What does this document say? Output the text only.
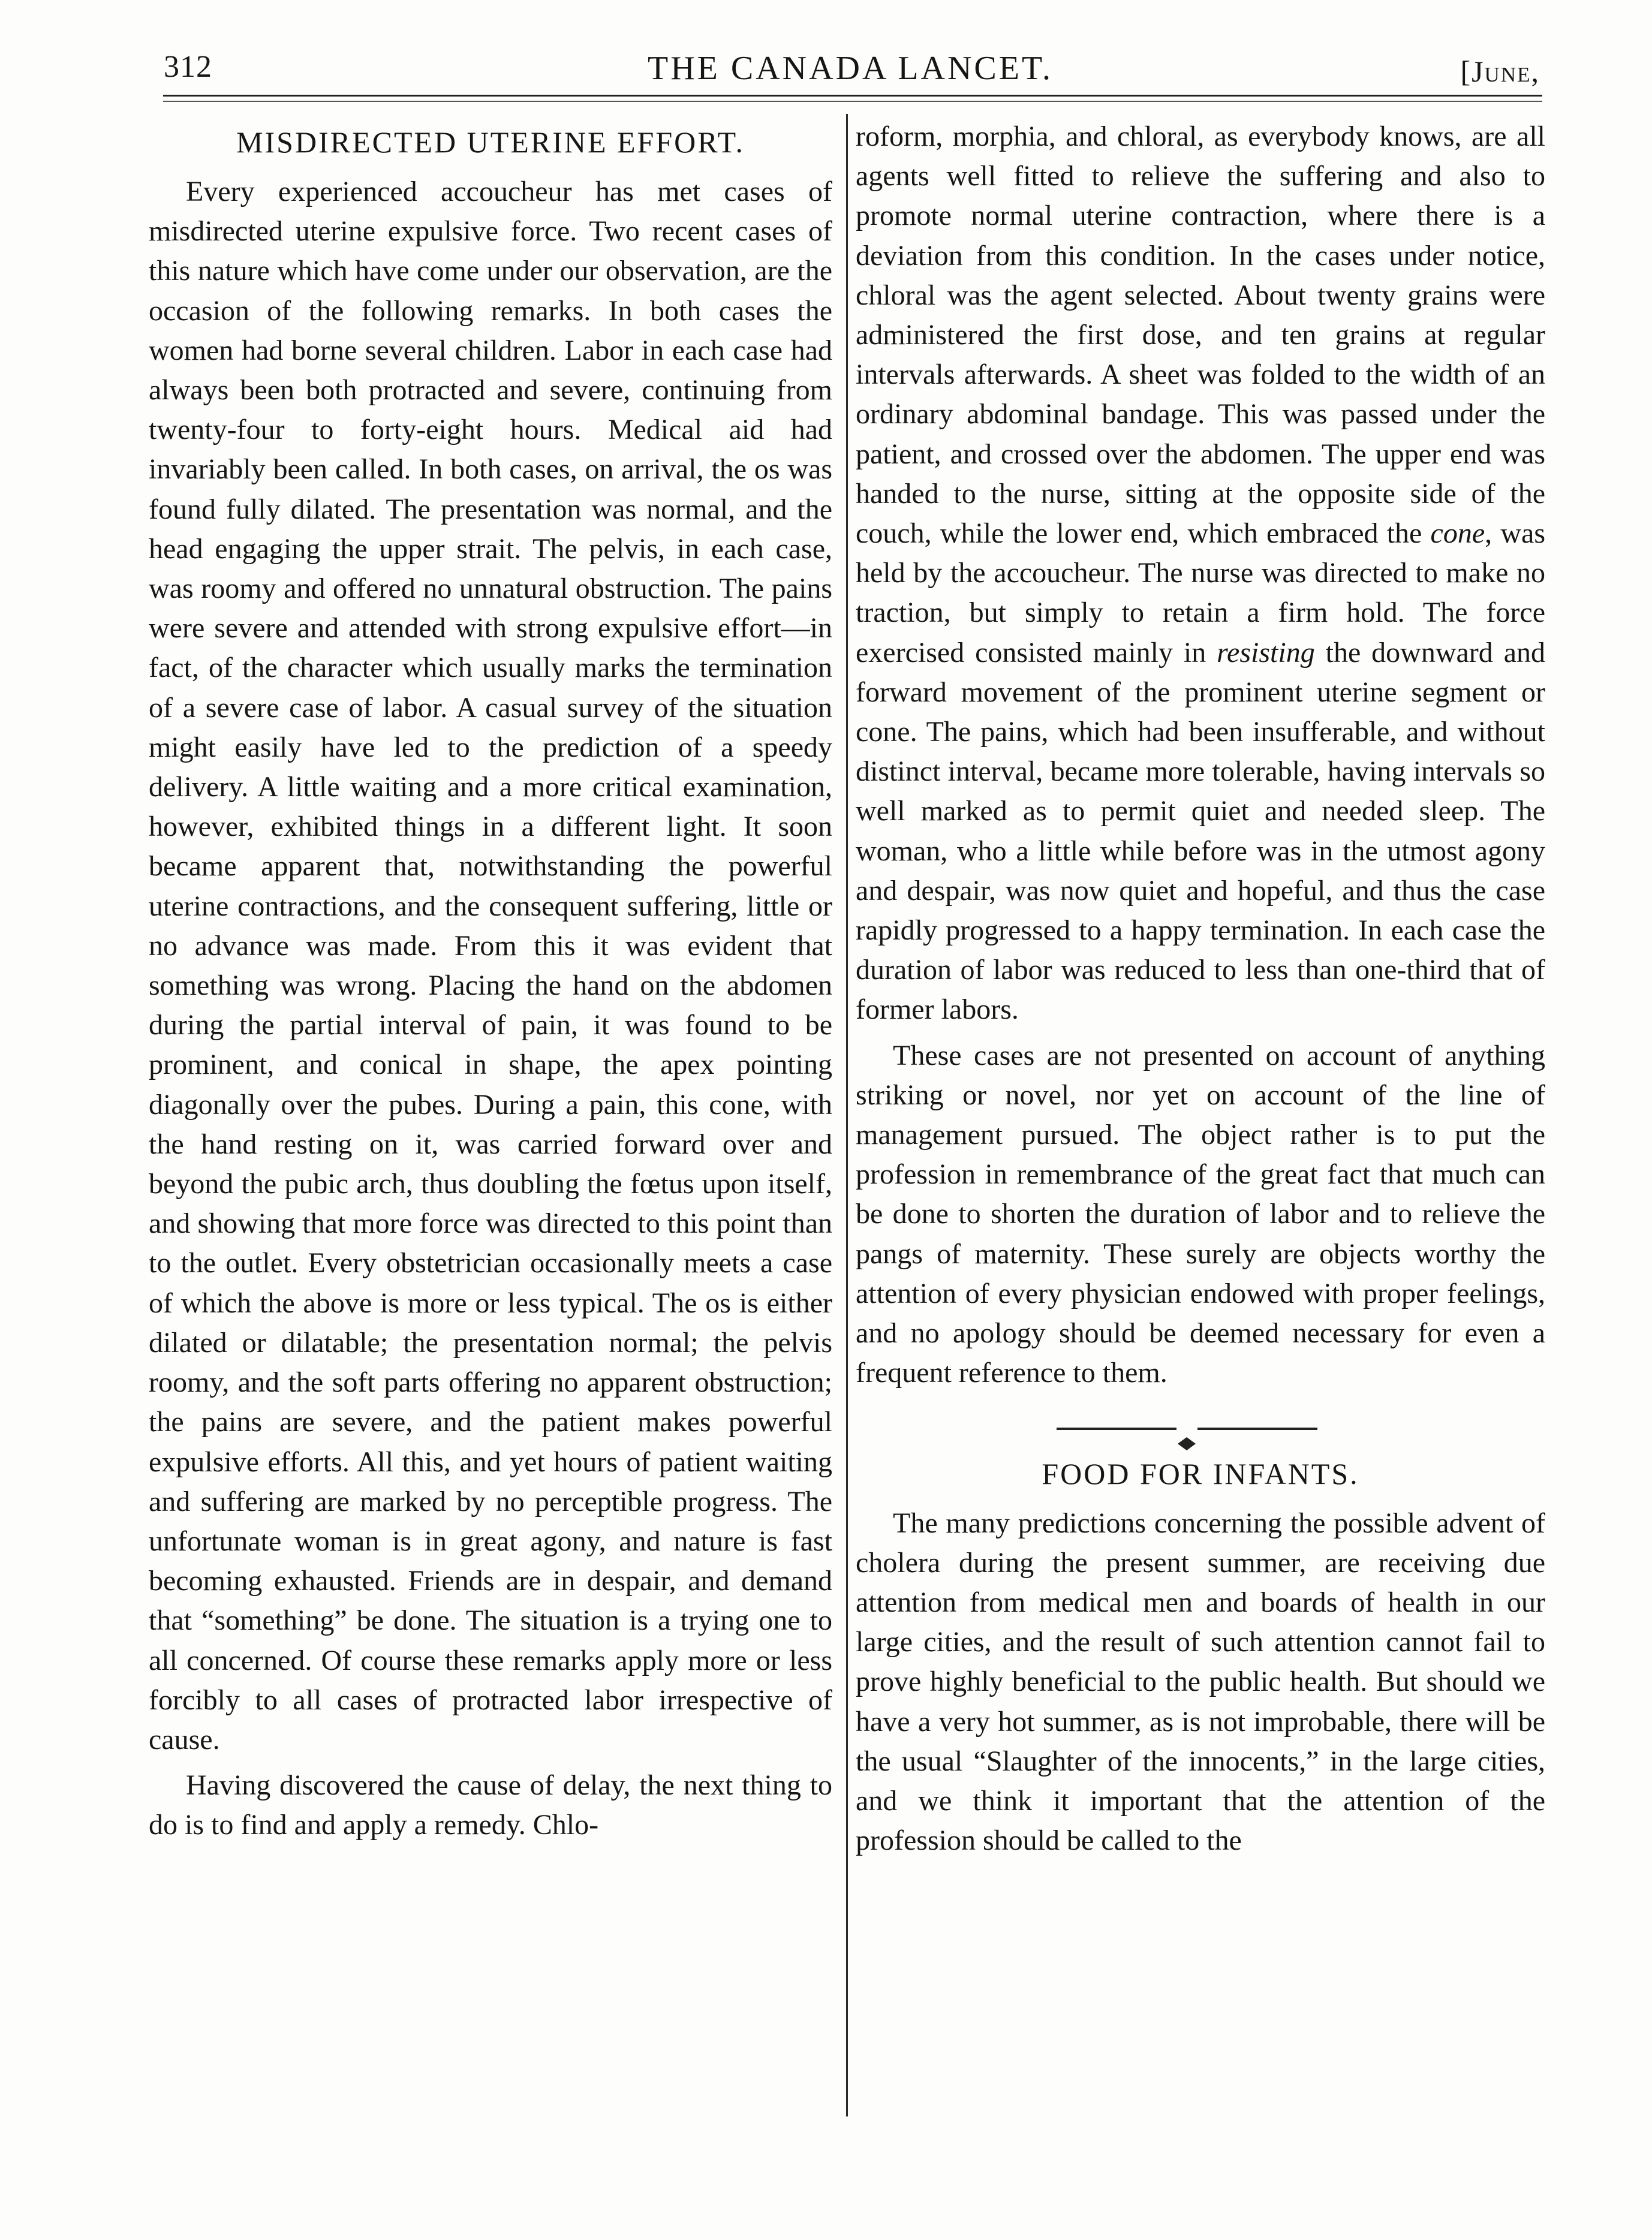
312	THE CANADA LANCET.	[June,

MISDIRECTED UTERINE EFFORT.

Every experienced accoucheur has met cases of misdirected uterine expulsive force. Two recent cases of this nature which have come under our observation, are the occasion of the following remarks. In both cases the women had borne several children. Labor in each case had always been both protracted and severe, continuing from twenty-four to forty-eight hours. Medical aid had invariably been called. In both cases, on arrival, the os was found fully dilated. The presentation was normal, and the head engaging the upper strait. The pelvis, in each case, was roomy and offered no unnatural obstruction. The pains were severe and attended with strong expulsive effort—in fact, of the character which usually marks the termination of a severe case of labor. A casual survey of the situation might easily have led to the prediction of a speedy delivery. A little waiting and a more critical examination, however, exhibited things in a different light. It soon became apparent that, notwithstanding the powerful uterine contractions, and the consequent suffering, little or no advance was made. From this it was evident that something was wrong. Placing the hand on the abdomen during the partial interval of pain, it was found to be prominent, and conical in shape, the apex pointing diagonally over the pubes. During a pain, this cone, with the hand resting on it, was carried forward over and beyond the pubic arch, thus doubling the fœtus upon itself, and showing that more force was directed to this point than to the outlet. Every obstetrician occasionally meets a case of which the above is more or less typical. The os is either dilated or dilatable; the presentation normal; the pelvis roomy, and the soft parts offering no apparent obstruction; the pains are severe, and the patient makes powerful expulsive efforts. All this, and yet hours of patient waiting and suffering are marked by no perceptible progress. The unfortunate woman is in great agony, and nature is fast becoming exhausted. Friends are in despair, and demand that “something” be done. The situation is a trying one to all concerned. Of course these remarks apply more or less forcibly to all cases of protracted labor irrespective of cause.

Having discovered the cause of delay, the next thing to do is to find and apply a remedy. Chlo-

roform, morphia, and chloral, as everybody knows, are all agents well fitted to relieve the suffering and also to promote normal uterine contraction, where there is a deviation from this condition. In the cases under notice, chloral was the agent selected. About twenty grains were administered the first dose, and ten grains at regular intervals afterwards. A sheet was folded to the width of an ordinary abdominal bandage. This was passed under the patient, and crossed over the abdomen. The upper end was handed to the nurse, sitting at the opposite side of the couch, while the lower end, which embraced the cone, was held by the accoucheur. The nurse was directed to make no traction, but simply to retain a firm hold. The force exercised consisted mainly in resisting the downward and forward movement of the prominent uterine segment or cone. The pains, which had been insufferable, and without distinct interval, became more tolerable, having intervals so well marked as to permit quiet and needed sleep. The woman, who a little while before was in the utmost agony and despair, was now quiet and hopeful, and thus the case rapidly progressed to a happy termination. In each case the duration of labor was reduced to less than one-third that of former labors.

These cases are not presented on account of anything striking or novel, nor yet on account of the line of management pursued. The object rather is to put the profession in remembrance of the great fact that much can be done to shorten the duration of labor and to relieve the pangs of maternity. These surely are objects worthy the attention of every physician endowed with proper feelings, and no apology should be deemed necessary for even a frequent reference to them.

FOOD FOR INFANTS.

The many predictions concerning the possible advent of cholera during the present summer, are receiving due attention from medical men and boards of health in our large cities, and the result of such attention cannot fail to prove highly beneficial to the public health. But should we have a very hot summer, as is not improbable, there will be the usual “Slaughter of the innocents,” in the large cities, and we think it important that the attention of the profession should be called to the
